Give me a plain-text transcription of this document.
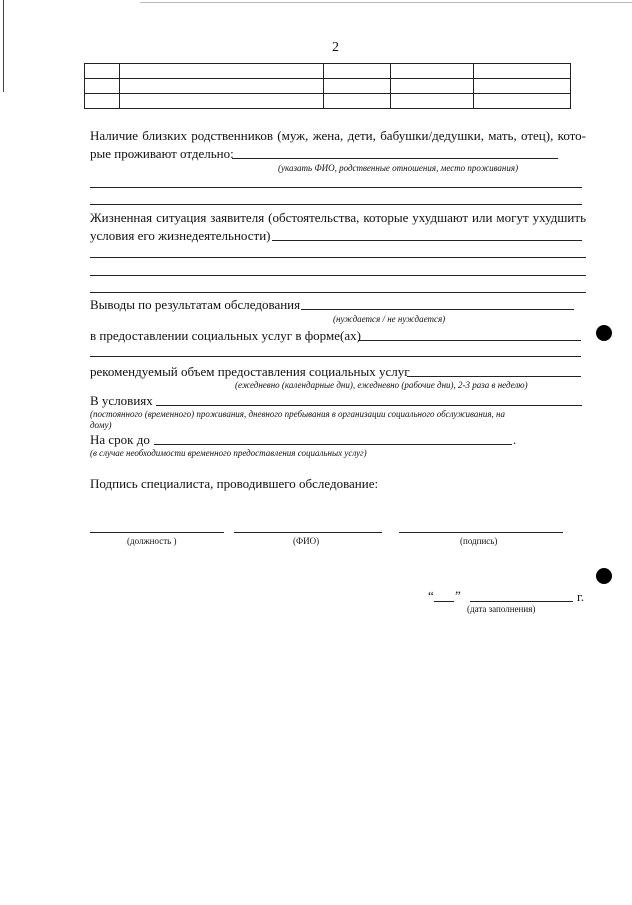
2

Наличие близких родственников (муж, жена, дети, бабушки/дедушки, мать, отец), кото-
рые проживают отдельно:
(указать ФИО, родственные отношения, место проживания)
Жизненная ситуация заявителя (обстоятельства, которые ухудшают или могут ухудшить
условия его жизнедеятельности)
Выводы по результатам обследования
(нуждается / не нуждается)
в предоставлении социальных услуг в форме(ах)
рекомендуемый объем предоставления социальных услуг
(ежедневно (календарные дни), ежедневно (рабочие дни), 2-3 раза в неделю)
В условиях
(постоянного (временного) проживания, дневного пребывания в организации социального обслуживания, на
дому)
На срок до	.
(в случае необходимости временного предоставления социальных услуг)
Подпись специалиста, проводившего обследование:
(должность )	(ФИО)	(подпись)
“ ”	г.
(дата заполнения)
